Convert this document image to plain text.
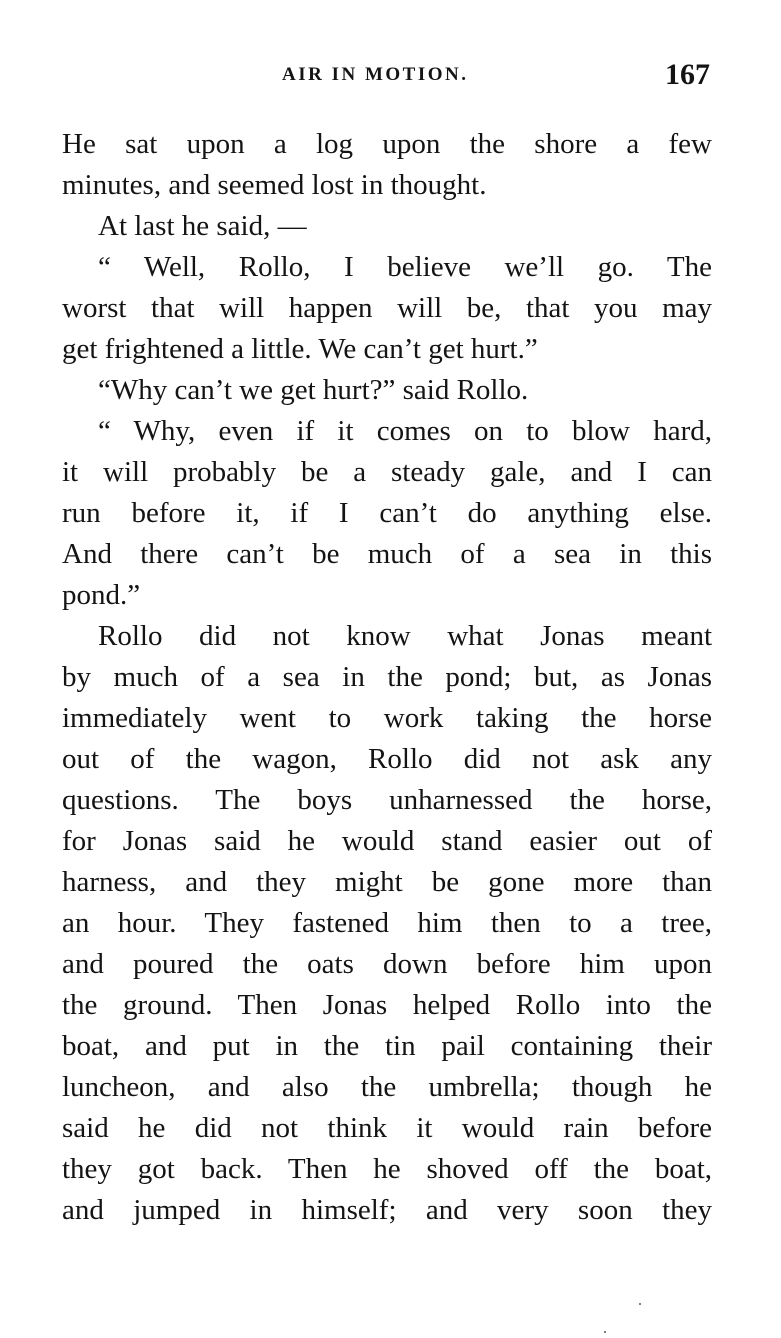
AIR IN MOTION.	167
He sat upon a log upon the shore a few
minutes, and seemed lost in thought.
At last he said, —
“ Well, Rollo, I believe we’ll go. The
worst that will happen will be, that you may
get frightened a little. We can’t get hurt.”
“Why can’t we get hurt?” said Rollo.
“ Why, even if it comes on to blow hard,
it will probably be a steady gale, and I can
run before it, if I can’t do anything else.
And there can’t be much of a sea in this
pond.”
Rollo did not know what Jonas meant
by much of a sea in the pond; but, as Jonas
immediately went to work taking the horse
out of the wagon, Rollo did not ask any
questions. The boys unharnessed the horse,
for Jonas said he would stand easier out of
harness, and they might be gone more than
an hour. They fastened him then to a tree,
and poured the oats down before him upon
the ground. Then Jonas helped Rollo into the
boat, and put in the tin pail containing their
luncheon, and also the umbrella; though he
said he did not think it would rain before
they got back. Then he shoved off the boat,
and jumped in himself; and very soon they
